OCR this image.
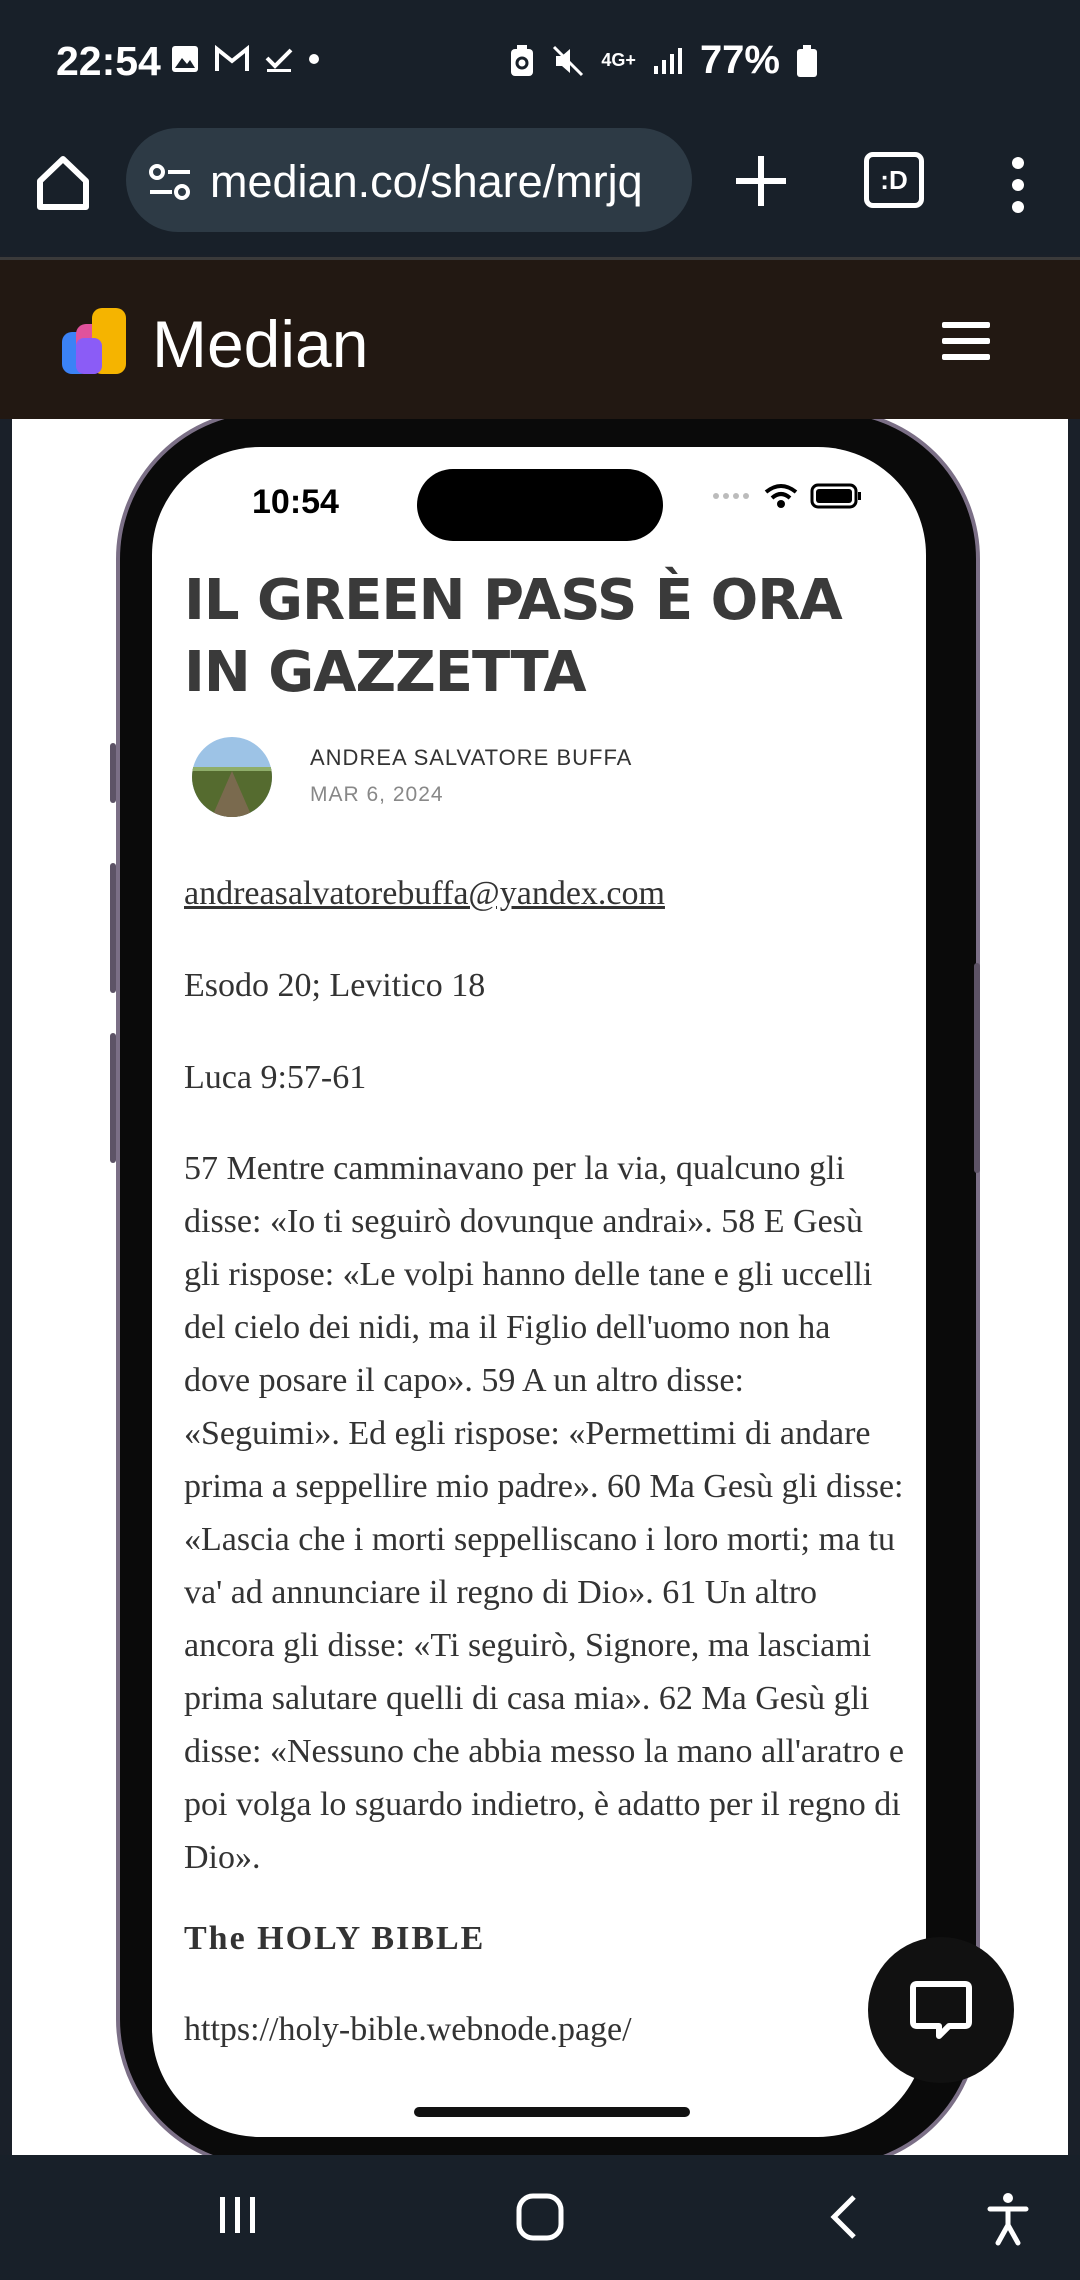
22:54	4G+ 77%
median.co/share/mrjq	:D
Median
10:54
IL GREEN PASS È ORA IN GAZZETTA
ANDREA SALVATORE BUFFA
MAR 6, 2024

andreasalvatorebuffa@yandex.com

Esodo 20; Levitico 18

Luca 9:57-61

57 Mentre camminavano per la via, qualcuno gli disse: «Io ti seguirò dovunque andrai». 58 E Gesù gli rispose: «Le volpi hanno delle tane e gli uccelli del cielo dei nidi, ma il Figlio dell'uomo non ha dove posare il capo». 59 A un altro disse: «Seguimi». Ed egli rispose: «Permettimi di andare prima a seppellire mio padre». 60 Ma Gesù gli disse: «Lascia che i morti seppelliscano i loro morti; ma tu va' ad annunciare il regno di Dio». 61 Un altro ancora gli disse: «Ti seguirò, Signore, ma lasciami prima salutare quelli di casa mia». 62 Ma Gesù gli disse: «Nessuno che abbia messo la mano all'aratro e poi volga lo sguardo indietro, è adatto per il regno di Dio».

The HOLY BIBLE

https://holy-bible.webnode.page/
